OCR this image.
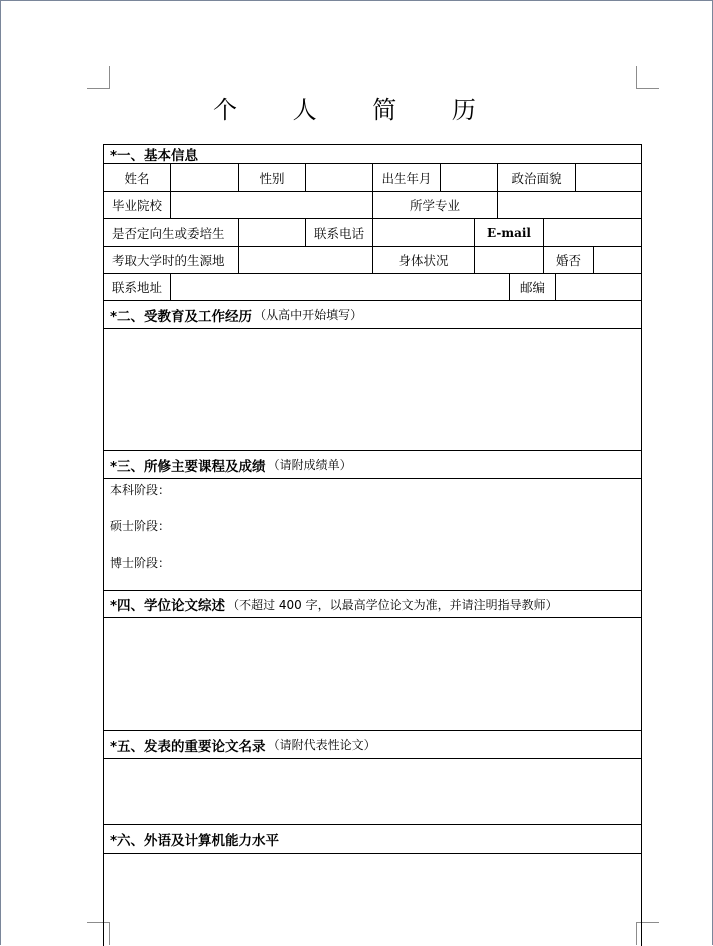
个 人 简 历
*一、基本信息
姓名	性别	出生年月	政治面貌
毕业院校	所学专业
是否定向生或委培生	联系电话	E-mail
考取大学时的生源地	身体状况	婚否
联系地址	邮编
*二、受教育及工作经历 （从高中开始填写）
*三、所修主要课程及成绩 （请附成绩单）
本科阶段：
硕士阶段：
博士阶段：
*四、学位论文综述 （不超过 400 字，以最高学位论文为准，并请注明指导教师）
*五、发表的重要论文名录 （请附代表性论文）
*六、外语及计算机能力水平
